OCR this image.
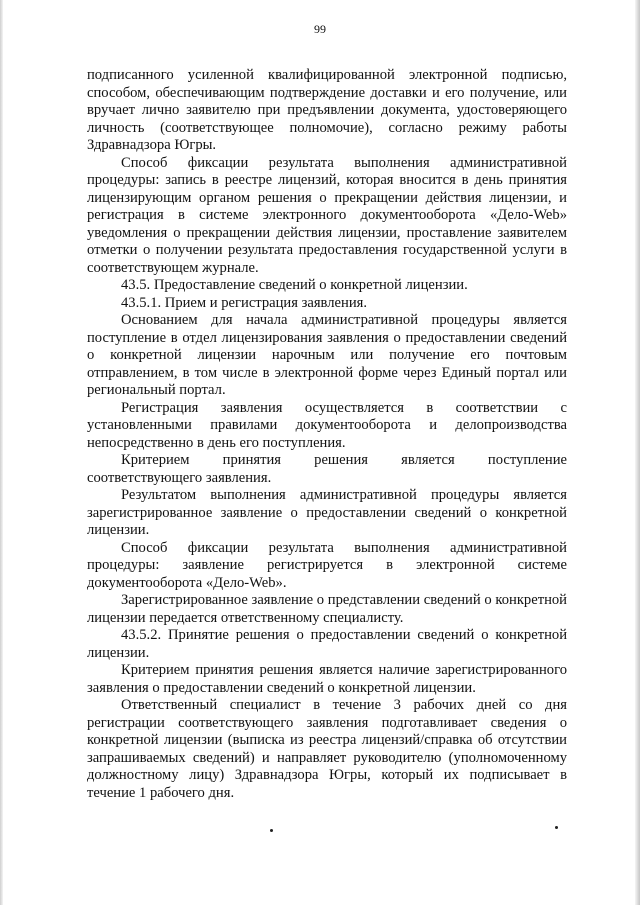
99

подписанного усиленной квалифицированной электронной подписью, способом, обеспечивающим подтверждение доставки и его получение, или вручает лично заявителю при предъявлении документа, удостоверяющего личность (соответствующее полномочие), согласно режиму работы Здравнадзора Югры.

Способ фиксации результата выполнения административной процедуры: запись в реестре лицензий, которая вносится в день принятия лицензирующим органом решения о прекращении действия лицензии, и регистрация в системе электронного документооборота «Дело-Web» уведомления о прекращении действия лицензии, проставление заявителем отметки о получении результата предоставления государственной услуги в соответствующем журнале.

43.5. Предоставление сведений о конкретной лицензии.

43.5.1. Прием и регистрация заявления.

Основанием для начала административной процедуры является поступление в отдел лицензирования заявления о предоставлении сведений о конкретной лицензии нарочным или получение его почтовым отправлением, в том числе в электронной форме через Единый портал или региональный портал.

Регистрация заявления осуществляется в соответствии с установленными правилами документооборота и делопроизводства непосредственно в день его поступления.

Критерием принятия решения является поступление соответствующего заявления.

Результатом выполнения административной процедуры является зарегистрированное заявление о предоставлении сведений о конкретной лицензии.

Способ фиксации результата выполнения административной процедуры: заявление регистрируется в электронной системе документооборота «Дело-Web».

Зарегистрированное заявление о представлении сведений о конкретной лицензии передается ответственному специалисту.

43.5.2. Принятие решения о предоставлении сведений о конкретной лицензии.

Критерием принятия решения является наличие зарегистрированного заявления о предоставлении сведений о конкретной лицензии.

Ответственный специалист в течение 3 рабочих дней со дня регистрации соответствующего заявления подготавливает сведения о конкретной лицензии (выписка из реестра лицензий/справка об отсутствии запрашиваемых сведений) и направляет руководителю (уполномоченному должностному лицу) Здравнадзора Югры, который их подписывает в течение 1 рабочего дня.
